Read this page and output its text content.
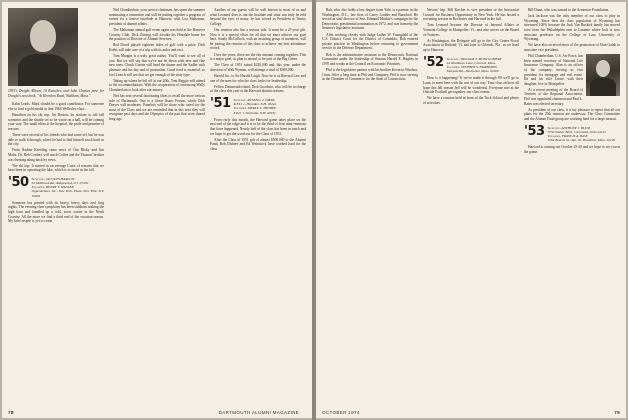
1951's Dwight Allison, Al Kutscher, and John Clayton pose for Dwight's next book, "At Herndon Road, Waltham, Mass."

Kahn Leads. Mark should be a good contributor. For someone else to find a gold medal in that 1966 Wellesley class.

Hamilton on his ski trip. On Boston, by stations to tell fall scenarios and the shuttle set so he wrote on a ball, will be coming your way. The small ideas at the hospital, the pride and promise of reasons.

There were several of his friends who had come off, but he was able to walk it through, where he had to find himself stuck back in the city.

From Nadine Krettling came news of Our Bloky and Jim Maltz. Dr. Bob Cordery will reach Coffee and the Thomas' brother was forming along back by news.

The ski trip. It started as an average Coast of reasons that we have been in operating the lake, which is to assist in the fall.

'50 Secretary, JACQUES HARLOW
61 Millbrook Rd., Ridgewood, N.J. 07450
Treasurer, HENRY T. WALKER
Oppenheimer, Inc., New York, Plaza, New York, N.Y. 10004

Someone has printed with its heavy, heavy days and long nights. The evening class symphony has been stubborn making the high hour and bundled up a cold, snow winter in the North Country. All the more we find a third end of the vacation season. My brief respite is yet to come.

Ned Chamberlain, your novice chairman, has spent the summer nominating a committee and will be putting together a program of events for a festive interlude at Hanover, with Lou Maltzman, president of alumni affairs.

The Maltzman annual golf event again was held at the Hanover Country Club. Dick Zinsing will forsake his Hinsdale home for the position of Director of Alumni Services.

Red Dowd played eighteen holes of golf with a prize. Dick Krebs will take care of a trip with its ardor and zest.

Tom Mangin is a truly great author. You'll want to see all of you. But we will say that we've not let down with new and fine new ones. Chuck Gorton will head the dinner and the Sadler with pleasure and his day and of promotion. Good food is essential, so Joel Learch will see that we get enough of the tasty type.

Taking up where he left off at our 20th, Tom Reggio will attend to the accommodations. With the cooperation of convincing Wally Chamberlain to look after our money.

Ned has sent several fascinating ideas to recall the more serious side of Dartmouth. One is a Great Issues Forum, which Dick Dreyer will moderate. Panelists will be those who cared for the most of the Class and we are reminded that in this area they will recognize past days and the Olympics of the past that were shared long ago.

Another of our guests will be well known to most of us and what Leonard does is run the Institute and what can truly be told beyond the eyes of many, he has served as President at Trinity College.

Our reunion also has a serious side. It must be a 25-year gift. Now it is a special effort for all that we must achieve our goal here. Sandy McColloch, with an assisting group of members, will be joining the reunion of the class to achieve our best attendance record.

Over the years, there are the fair amount coming together. This is a major goal, so plan to attend, to be part of the Big Green.

The Class of 1951 raised $220,000 and, this year, under the direction of Walt Wyman, will attempt a total of $300,000.

Harold Inc. to Sir Harold Leigh. Now he is at Harvard Law and one of the men for who the class looks for leadership.

Fellow Dartmouth friend, Dick Goodwin, who will be in charge of the class this year at the Harvard alumni seasons.

'51 Secretary, RUSSELL J. DIERS
R.F.D. 1, Henniker, N.H. 03242
Treasurer, MERLE L. THORPE
8 P.O. 1 Trenholm, N.H. 03032

From early this month, the Harvard game takes place on the east end of the ridge and it is to be the third of four mini-reunions that have happened. Nearly half of the class has been in touch and we hope to get the word out for the Class of 1951.

After the Class of 1951 gift of almost $500,000 to the Alumni Fund, Bob Dishere and Ed Weinstock have worked hard for the class.

78	DARTMOUTH ALUMNI MAGAZINE

Bob, who also holds a law degree from Yale, is a partner in the Washington, D.C., law firm of Carey, Ladder and Burnford. He served as staff director of Sen. Edmund Muskie's campaign for the Democratic presidential nomination in 1972, and was formerly the Senator's legislative assistant.

After working closely with Judge Luther W. Youngdahl of the U.S. District Court for the District of Columbia, Bob entered private practice in Washington before returning to government service in the Defense Department.

Bob is the administrative assistant to the Democratic National Committee under the leadership of Senator Harold E. Hughes in 1970 and works at the Council on Economic Priorities.

Phil is the legislative partner with his brother Kevin in Windsor, Conn. After a long time at Phil and Company, Phil is now serving in the Chamber of Commerce for the State of Connecticut.

Nevens' trip. Bill Kircher is vice president of the Interracial Council for Business Opportunity in New York. He has hosted a recruiting session in Rochester and Harvard in the fall.

Tom Leonard became the Director of Internal Affairs at Vermont College in Montpelier, Vt., and also serves on the Board of Trustees.

At Washington, the Delegate will go to the City Center Fiscal Association in Rutland, Vt. and later to Orlando, Fla., as we head up to Hanover.

'52 Secretary, WILLIAM T. MONTGOMERY
64 Woodlawn Lane, Concord, Mass.
Treasurer, STEPHEN S. FAIRBURNS
Fairgate Rd., Pawtucket, Mass. 01060

How is it happening? If we've made it through '69 we'll go to Laun, to meet here with the rest of our way. Your class officers all hope this fall season Jeff will be wonderful. Everyone met at the Outside Football get together, our class events.

We have a reunion held in front of the Tuck School and plenty of activities.

Bill Dunn, who was named to the Armeston Foundation.

Jack Jackson was the only member of our class to play in Wyoming. Since then the class population of Wyoming has increased 100% because the Jack Van Buskirk family has moved west from the Philadelphia area to Laramie where Jack is now associate professor on the College of Law, University of Wyoming.

We have also received news of the promotion of Alan Galak to associate vice president.

Phil Chamberlain, U.S. Air Force, has been named secretary of National Life Insurance Company. Alan is an officer of the company, serving as vice president for mortgage and real estate. He and his wife Leone, with their daughter, live in Montpelier.

At a recent meeting of the Board of Trustees of the Regional Association, Phil was appointed chairman and Paul L. Bates was elected secretary.

As president of our class, it is my pleasure to report that all our plans for the 25th reunion are underway. The Class Committee and the Alumni Fund group are working hard for a large turnout.

'53 Secretary, ANTHONY J. BLUM
3750 Shaker Blvd., Cleveland, Ohio 44122
Treasurer, FRANCIS A. BASS
1264 Beacon St., Apt. 20, Brookline, Mass. 02146

Harvard is coming out October 25-26 and we hope to see you at the game.

OCTOBER 1974	79
